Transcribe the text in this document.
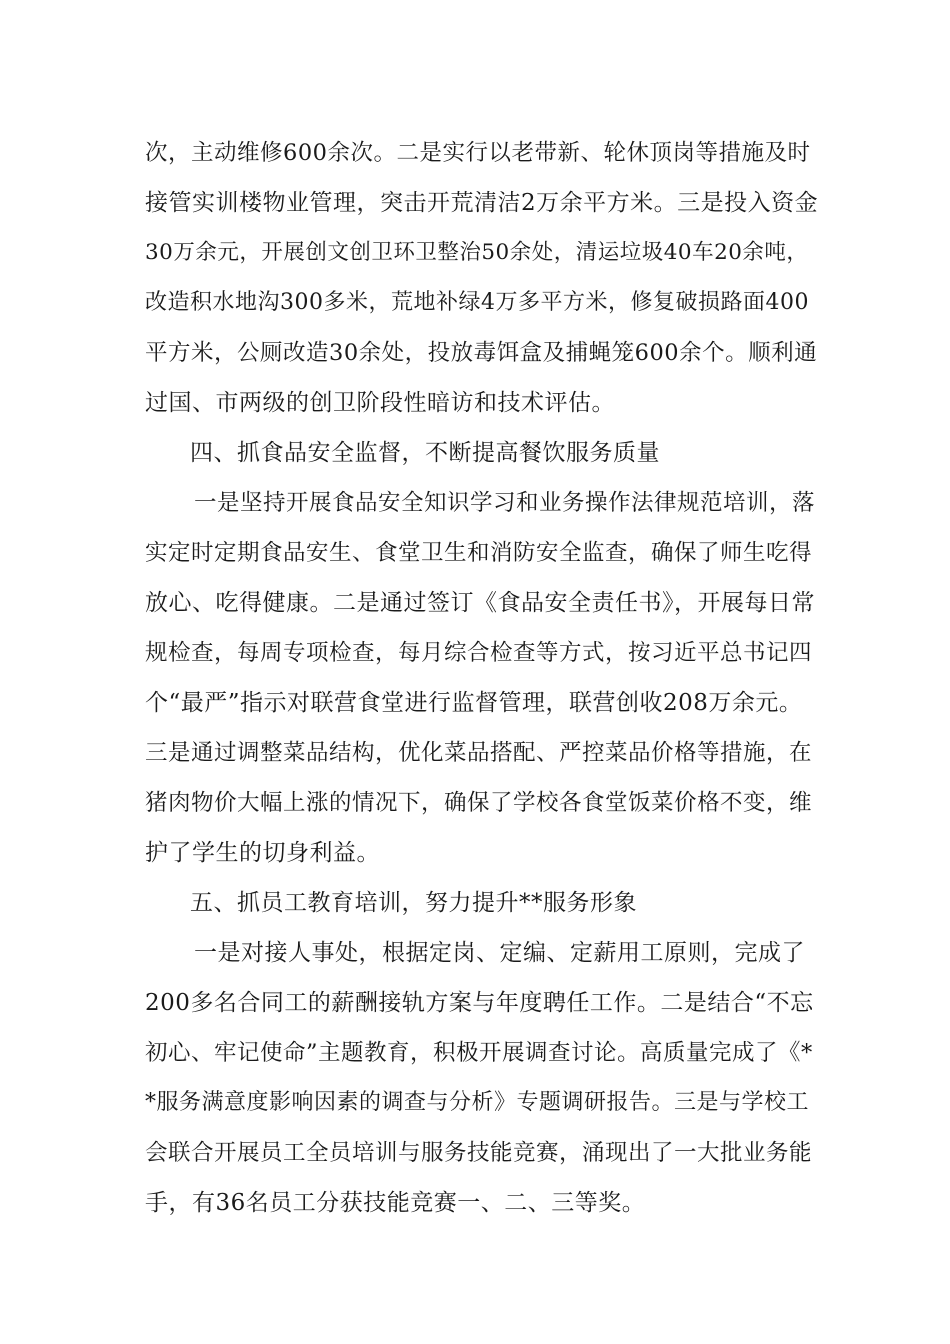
次，主动维修600余次。二是实行以老带新、轮休顶岗等措施及时
接管实训楼物业管理，突击开荒清洁2万余平方米。三是投入资金
30万余元，开展创文创卫环卫整治50余处，清运垃圾40车20余吨，
改造积水地沟300多米，荒地补绿4万多平方米，修复破损路面400
平方米，公厕改造30余处，投放毒饵盒及捕蝇笼600余个。顺利通
过国、市两级的创卫阶段性暗访和技术评估。
四、抓食品安全监督，不断提高餐饮服务质量
一是坚持开展食品安全知识学习和业务操作法律规范培训，落
实定时定期食品安生、食堂卫生和消防安全监查，确保了师生吃得
放心、吃得健康。二是通过签订《食品安全责任书》，开展每日常
规检查，每周专项检查，每月综合检查等方式，按习近平总书记四
个“最严”指示对联营食堂进行监督管理，联营创收208万余元。
三是通过调整菜品结构，优化菜品搭配、严控菜品价格等措施，在
猪肉物价大幅上涨的情况下，确保了学校各食堂饭菜价格不变，维
护了学生的切身利益。
五、抓员工教育培训，努力提升**服务形象
一是对接人事处，根据定岗、定编、定薪用工原则，完成了
200多名合同工的薪酬接轨方案与年度聘任工作。二是结合“不忘
初心、牢记使命”主题教育，积极开展调查讨论。高质量完成了《*
*服务满意度影响因素的调查与分析》专题调研报告。三是与学校工
会联合开展员工全员培训与服务技能竞赛，涌现出了一大批业务能
手，有36名员工分获技能竞赛一、二、三等奖。
